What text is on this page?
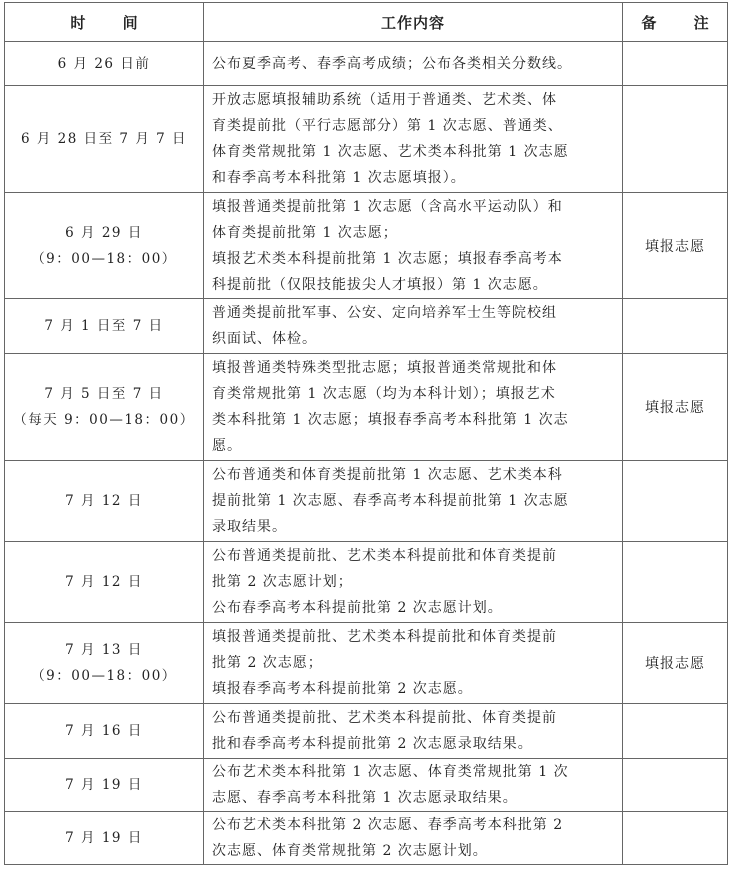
时 间	工作内容	备 注

6 月 26 日前	公布夏季高考、春季高考成绩；公布各类相关分数线。	

6 月 28 日至 7 月 7 日	开放志愿填报辅助系统（适用于普通类、艺术类、体
育类提前批（平行志愿部分）第 1 次志愿、普通类、
体育类常规批第 1 次志愿、艺术类本科批第 1 次志愿
和春季高考本科批第 1 次志愿填报）。	

6 月 29 日
（9：00—18：00）	填报普通类提前批第 1 次志愿（含高水平运动队）和
体育类提前批第 1 次志愿；
填报艺术类本科提前批第 1 次志愿；填报春季高考本
科提前批（仅限技能拔尖人才填报）第 1 次志愿。	填报志愿

7 月 1 日至 7 日	普通类提前批军事、公安、定向培养军士生等院校组
织面试、体检。	

7 月 5 日至 7 日
（每天 9：00—18：00）	填报普通类特殊类型批志愿；填报普通类常规批和体
育类常规批第 1 次志愿（均为本科计划）；填报艺术
类本科批第 1 次志愿；填报春季高考本科批第 1 次志
愿。	填报志愿

7 月 12 日	公布普通类和体育类提前批第 1 次志愿、艺术类本科
提前批第 1 次志愿、春季高考本科提前批第 1 次志愿
录取结果。	

7 月 12 日	公布普通类提前批、艺术类本科提前批和体育类提前
批第 2 次志愿计划；
公布春季高考本科提前批第 2 次志愿计划。	

7 月 13 日
（9：00—18：00）	填报普通类提前批、艺术类本科提前批和体育类提前
批第 2 次志愿；
填报春季高考本科提前批第 2 次志愿。	填报志愿

7 月 16 日	公布普通类提前批、艺术类本科提前批、体育类提前
批和春季高考本科提前批第 2 次志愿录取结果。	

7 月 19 日	公布艺术类本科批第 1 次志愿、体育类常规批第 1 次
志愿、春季高考本科批第 1 次志愿录取结果。	

7 月 19 日	公布艺术类本科批第 2 次志愿、春季高考本科批第 2
次志愿、体育类常规批第 2 次志愿计划。	
